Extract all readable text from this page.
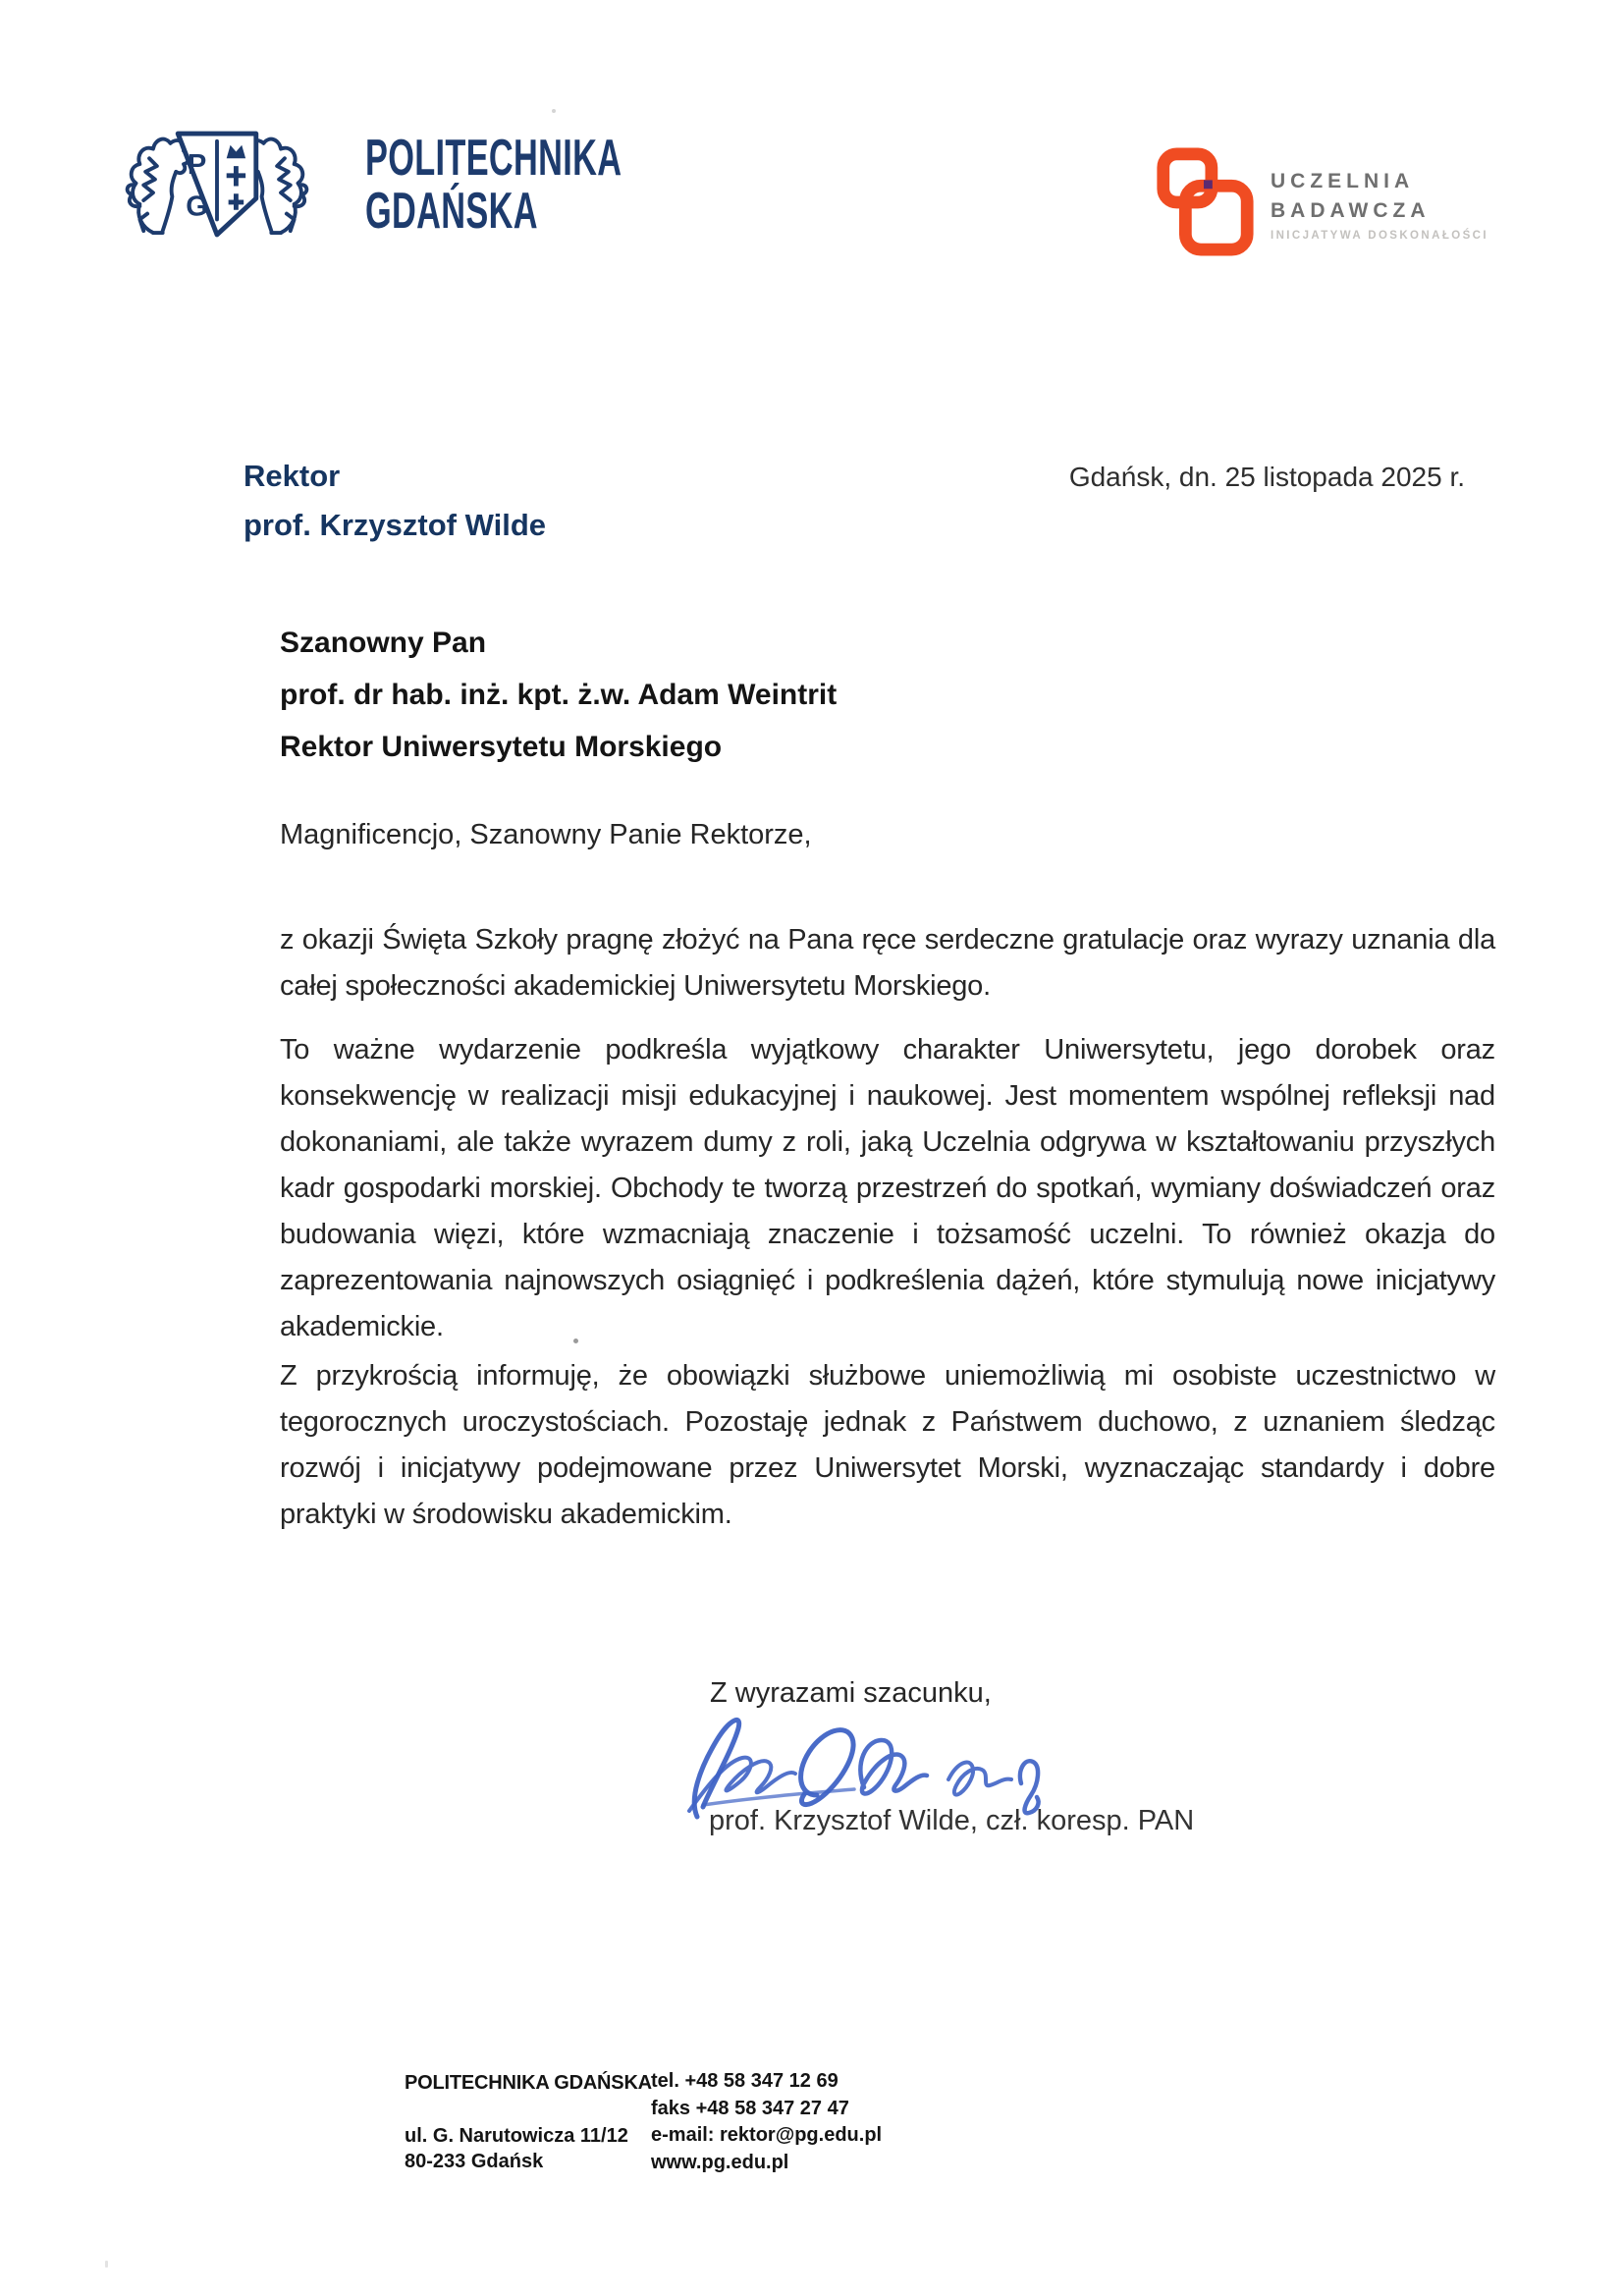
P
G
POLITECHNIKA
GDAŃSKA
UCZELNIA
BADAWCZA
INICJATYWA DOSKONAŁOŚCI
Rektor
prof. Krzysztof Wilde
Gdańsk, dn. 25 listopada 2025 r.
Szanowny Pan
prof. dr hab. inż. kpt. ż.w. Adam Weintrit
Rektor Uniwersytetu Morskiego
Magnificencjo, Szanowny Panie Rektorze,

z okazji Święta Szkoły pragnę złożyć na Pana ręce serdeczne gratulacje oraz wyrazy uznania dla całej społeczności akademickiej Uniwersytetu Morskiego.

To ważne wydarzenie podkreśla wyjątkowy charakter Uniwersytetu, jego dorobek oraz konsekwencję w realizacji misji edukacyjnej i naukowej. Jest momentem wspólnej refleksji nad dokonaniami, ale także wyrazem dumy z roli, jaką Uczelnia odgrywa w kształtowaniu przyszłych kadr gospodarki morskiej. Obchody te tworzą przestrzeń do spotkań, wymiany doświadczeń oraz budowania więzi, które wzmacniają znaczenie i tożsamość uczelni. To również okazja do zaprezentowania najnowszych osiągnięć i podkreślenia dążeń, które stymulują nowe inicjatywy akademickie.

Z przykrością informuję, że obowiązki służbowe uniemożliwią mi osobiste uczestnictwo w tegorocznych uroczystościach. Pozostaję jednak z Państwem duchowo, z uznaniem śledząc rozwój i inicjatywy podejmowane przez Uniwersytet Morski, wyznaczając standardy i dobre praktyki w środowisku akademickim.

Z wyrazami szacunku,
prof. Krzysztof Wilde, czł. koresp. PAN
POLITECHNIKA GDAŃSKA
ul. G. Narutowicza 11/12
80-233 Gdańsk
tel. +48 58 347 12 69
faks +48 58 347 27 47
e-mail: rektor@pg.edu.pl
www.pg.edu.pl
